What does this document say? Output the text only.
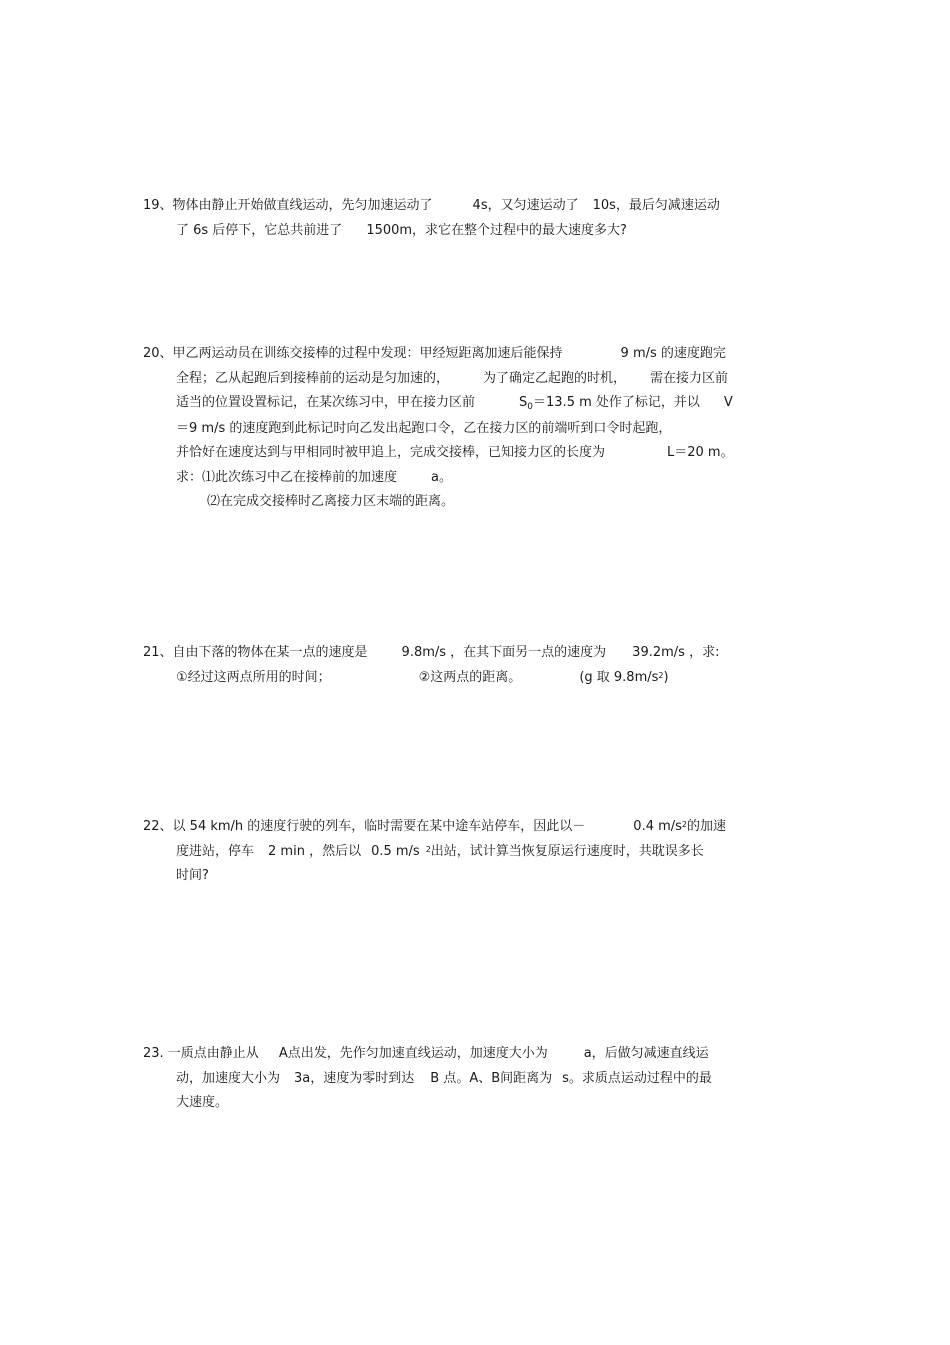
19、物体由静止开始做直线运动，先匀加速运动了	4s，又匀速运动了 10s，最后匀减速运动
了 6s 后停下，它总共前进了 1500m，求它在整个过程中的最大速度多大?
20、甲乙两运动员在训练交接棒的过程中发现：甲经短距离加速后能保持	9 m/s 的速度跑完
全程；乙从起跑后到接棒前的运动是匀加速的，	为了确定乙起跑的时机， 需在接力区前
适当的位置设置标记，在某次练习中，甲在接力区前	$S_0=13.5$ m 处作了标记，并以 V
＝9 m/s 的速度跑到此标记时向乙发出起跑口令，乙在接力区的前端听到口令时起跑，
并恰好在速度达到与甲相同时被甲追上，完成交接棒，已知接力区的长度为	L＝20 m。
求：⑴此次练习中乙在接棒前的加速度	a。
⑵在完成交接棒时乙离接力区末端的距离。
21、自由下落的物体在某一点的速度是	9.8m/s ，在其下面另一点的速度为 39.2m/s ，求:
①经过这两点所用的时间；	②这两点的距离。	(g 取 $9.8m/s^2$)
22、以 54 km/h 的速度行驶的列车，临时需要在某中途车站停车，因此以－	0.4 $m/s^2$的加速
度进站，停车 2 min ，然后以 0.5 m/s $^2$出站，试计算当恢复原运行速度时，共耽误多长
时间?
23. 一质点由静止从 A点出发，先作匀加速直线运动，加速度大小为	a，后做匀减速直线运
动，加速度大小为 3a，速度为零时到达 B 点。A、B间距离为 s。求质点运动过程中的最
大速度。
